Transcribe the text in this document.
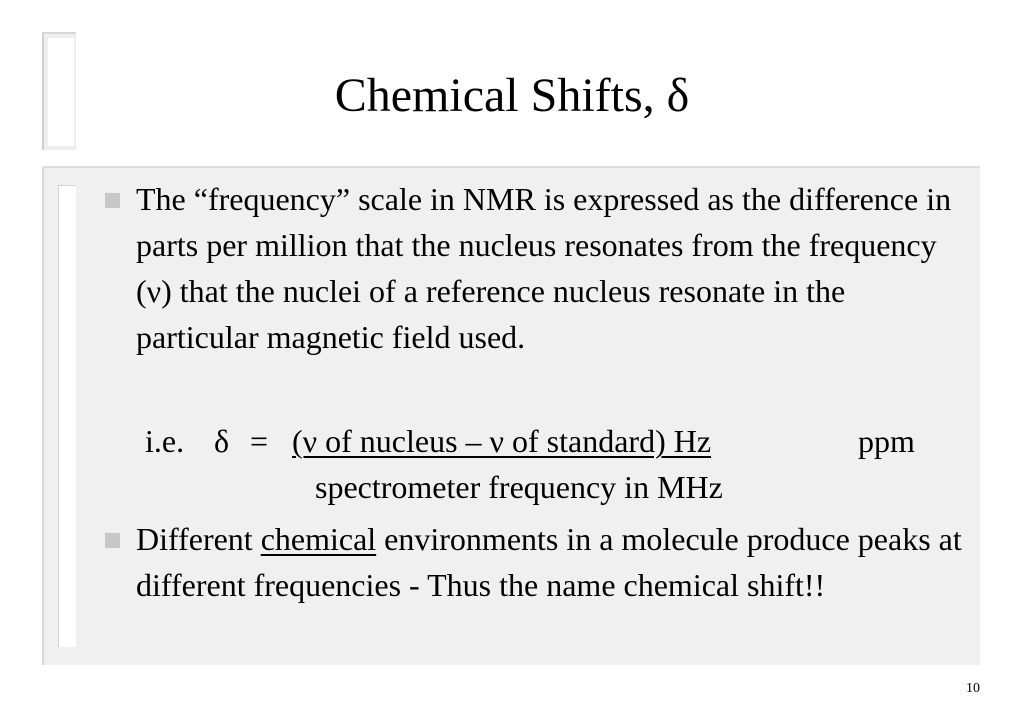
Chemical Shifts, δ
The “frequency” scale in NMR is expressed as the difference in parts per million that the nucleus resonates from the frequency (ν) that the nuclei of a reference nucleus resonate in the particular magnetic field used.
i.e. δ = (ν of nucleus – ν of standard) Hz	ppm
spectrometer frequency in MHz
Different chemical environments in a molecule produce peaks at different frequencies - Thus the name chemical shift!!
10
